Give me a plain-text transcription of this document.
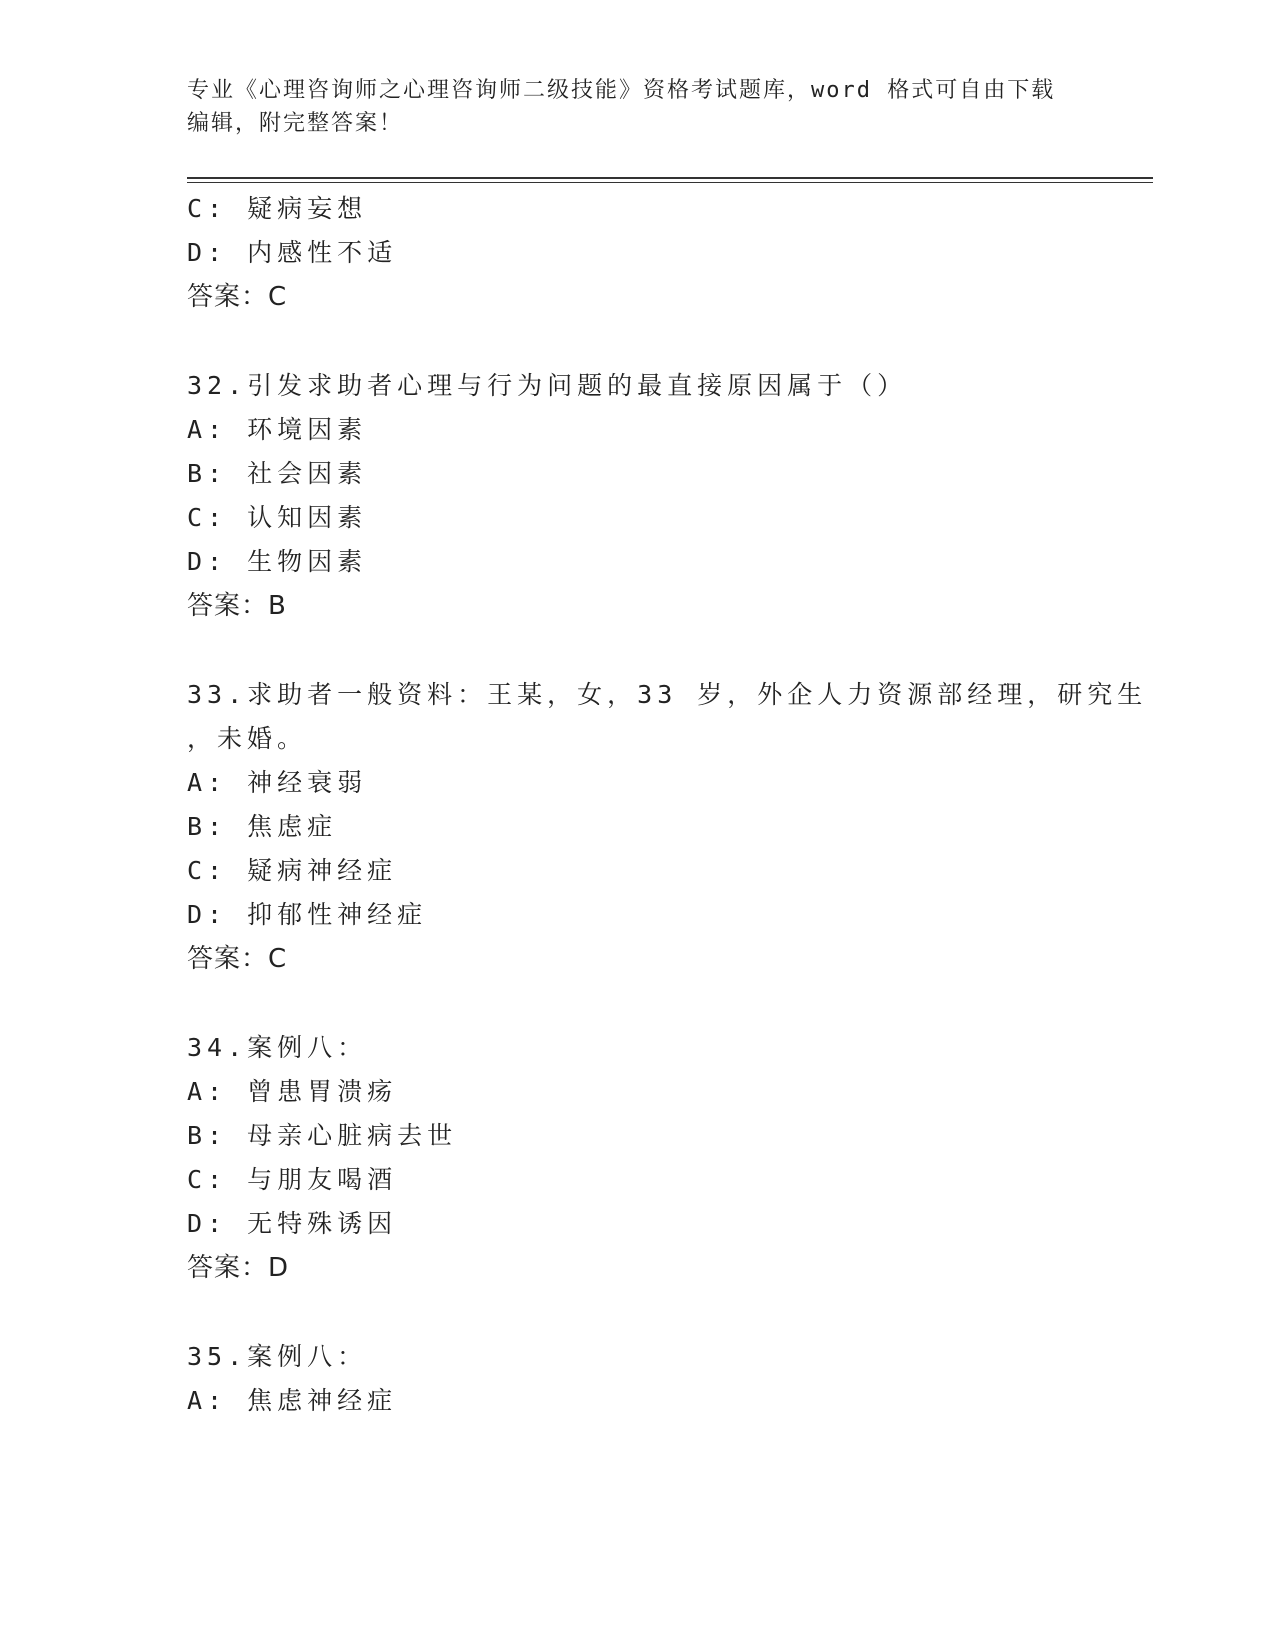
专业《心理咨询师之心理咨询师二级技能》资格考试题库，word 格式可自由下载
编辑，附完整答案！
C: 疑病妄想
D: 内感性不适
答案：C
32.引发求助者心理与行为问题的最直接原因属于（）
A: 环境因素
B: 社会因素
C: 认知因素
D: 生物因素
答案：B
33.求助者一般资料：王某，女，33 岁，外企人力资源部经理，研究生
，未婚。
A: 神经衰弱
B: 焦虑症
C: 疑病神经症
D: 抑郁性神经症
答案：C
34.案例八：
A: 曾患胃溃疡
B: 母亲心脏病去世
C: 与朋友喝酒
D: 无特殊诱因
答案：D
35.案例八：
A: 焦虑神经症
